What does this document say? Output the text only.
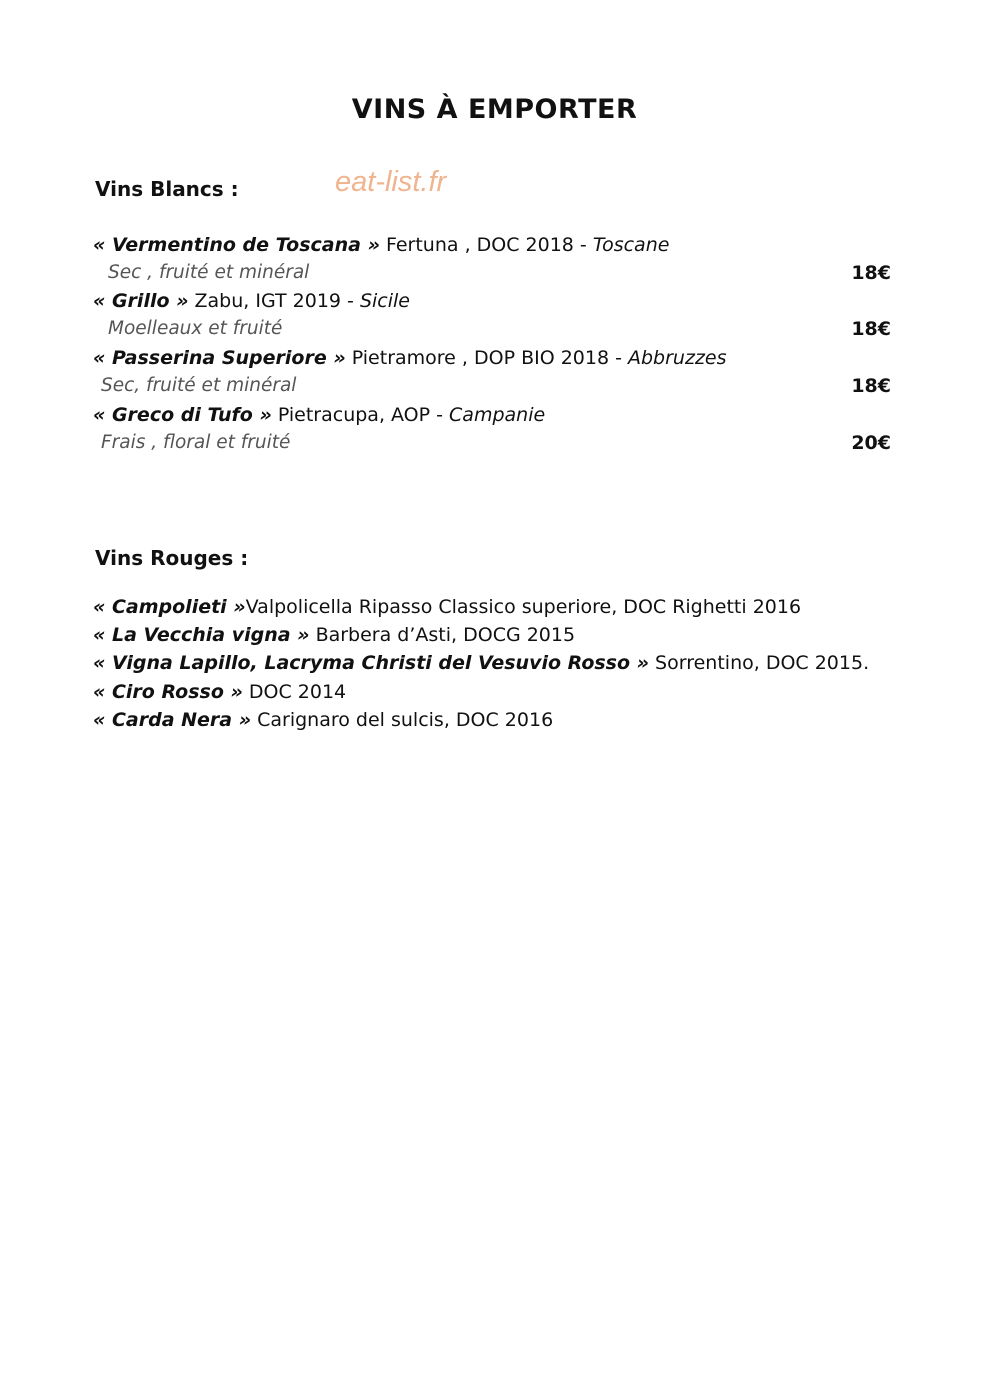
VINS À EMPORTER
Vins Blancs :	eat-list.fr
« Vermentino de Toscana » Fertuna , DOC 2018 - Toscane
Sec , fruité et minéral	18€
« Grillo » Zabu, IGT 2019 - Sicile
Moelleaux et fruité	18€
« Passerina Superiore » Pietramore , DOP BIO 2018 - Abbruzzes
Sec, fruité et minéral	18€
« Greco di Tufo » Pietracupa, AOP - Campanie
Frais , floral et fruité	20€
Vins Rouges :
« Campolieti »Valpolicella Ripasso Classico superiore, DOC Righetti 2016
« La Vecchia vigna » Barbera d’Asti, DOCG 2015
« Vigna Lapillo, Lacryma Christi del Vesuvio Rosso » Sorrentino, DOC 2015.
« Ciro Rosso » DOC 2014
« Carda Nera » Carignaro del sulcis, DOC 2016
